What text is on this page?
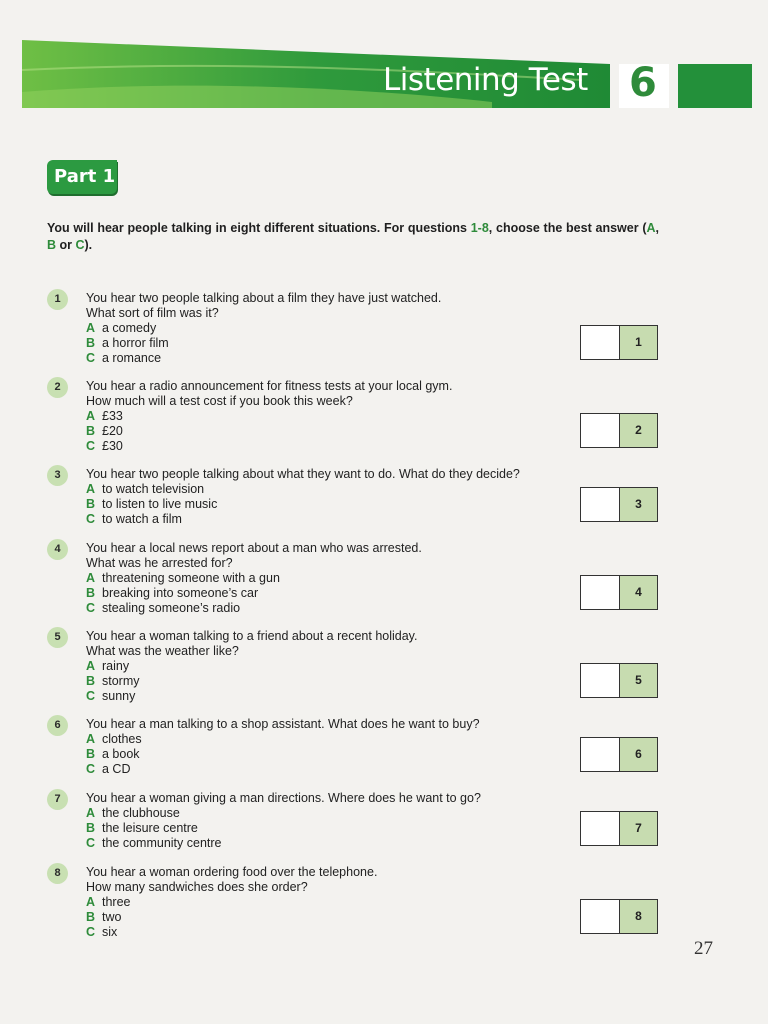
Listening Test 6
Part 1
You will hear people talking in eight different situations. For questions 1-8, choose the best answer (A, B or C).
1	You hear two people talking about a film they have just watched.
What sort of film was it?
A a comedy
B a horror film
C a romance
1
2	You hear a radio announcement for fitness tests at your local gym.
How much will a test cost if you book this week?
A £33
B £20
C £30
2
3	You hear two people talking about what they want to do. What do they decide?
A to watch television
B to listen to live music
C to watch a film
3
4	You hear a local news report about a man who was arrested.
What was he arrested for?
A threatening someone with a gun
B breaking into someone’s car
C stealing someone’s radio
4
5	You hear a woman talking to a friend about a recent holiday.
What was the weather like?
A rainy
B stormy
C sunny
5
6	You hear a man talking to a shop assistant. What does he want to buy?
A clothes
B a book
C a CD
6
7	You hear a woman giving a man directions. Where does he want to go?
A the clubhouse
B the leisure centre
C the community centre
7
8	You hear a woman ordering food over the telephone.
How many sandwiches does she order?
A three
B two
C six
8
27
